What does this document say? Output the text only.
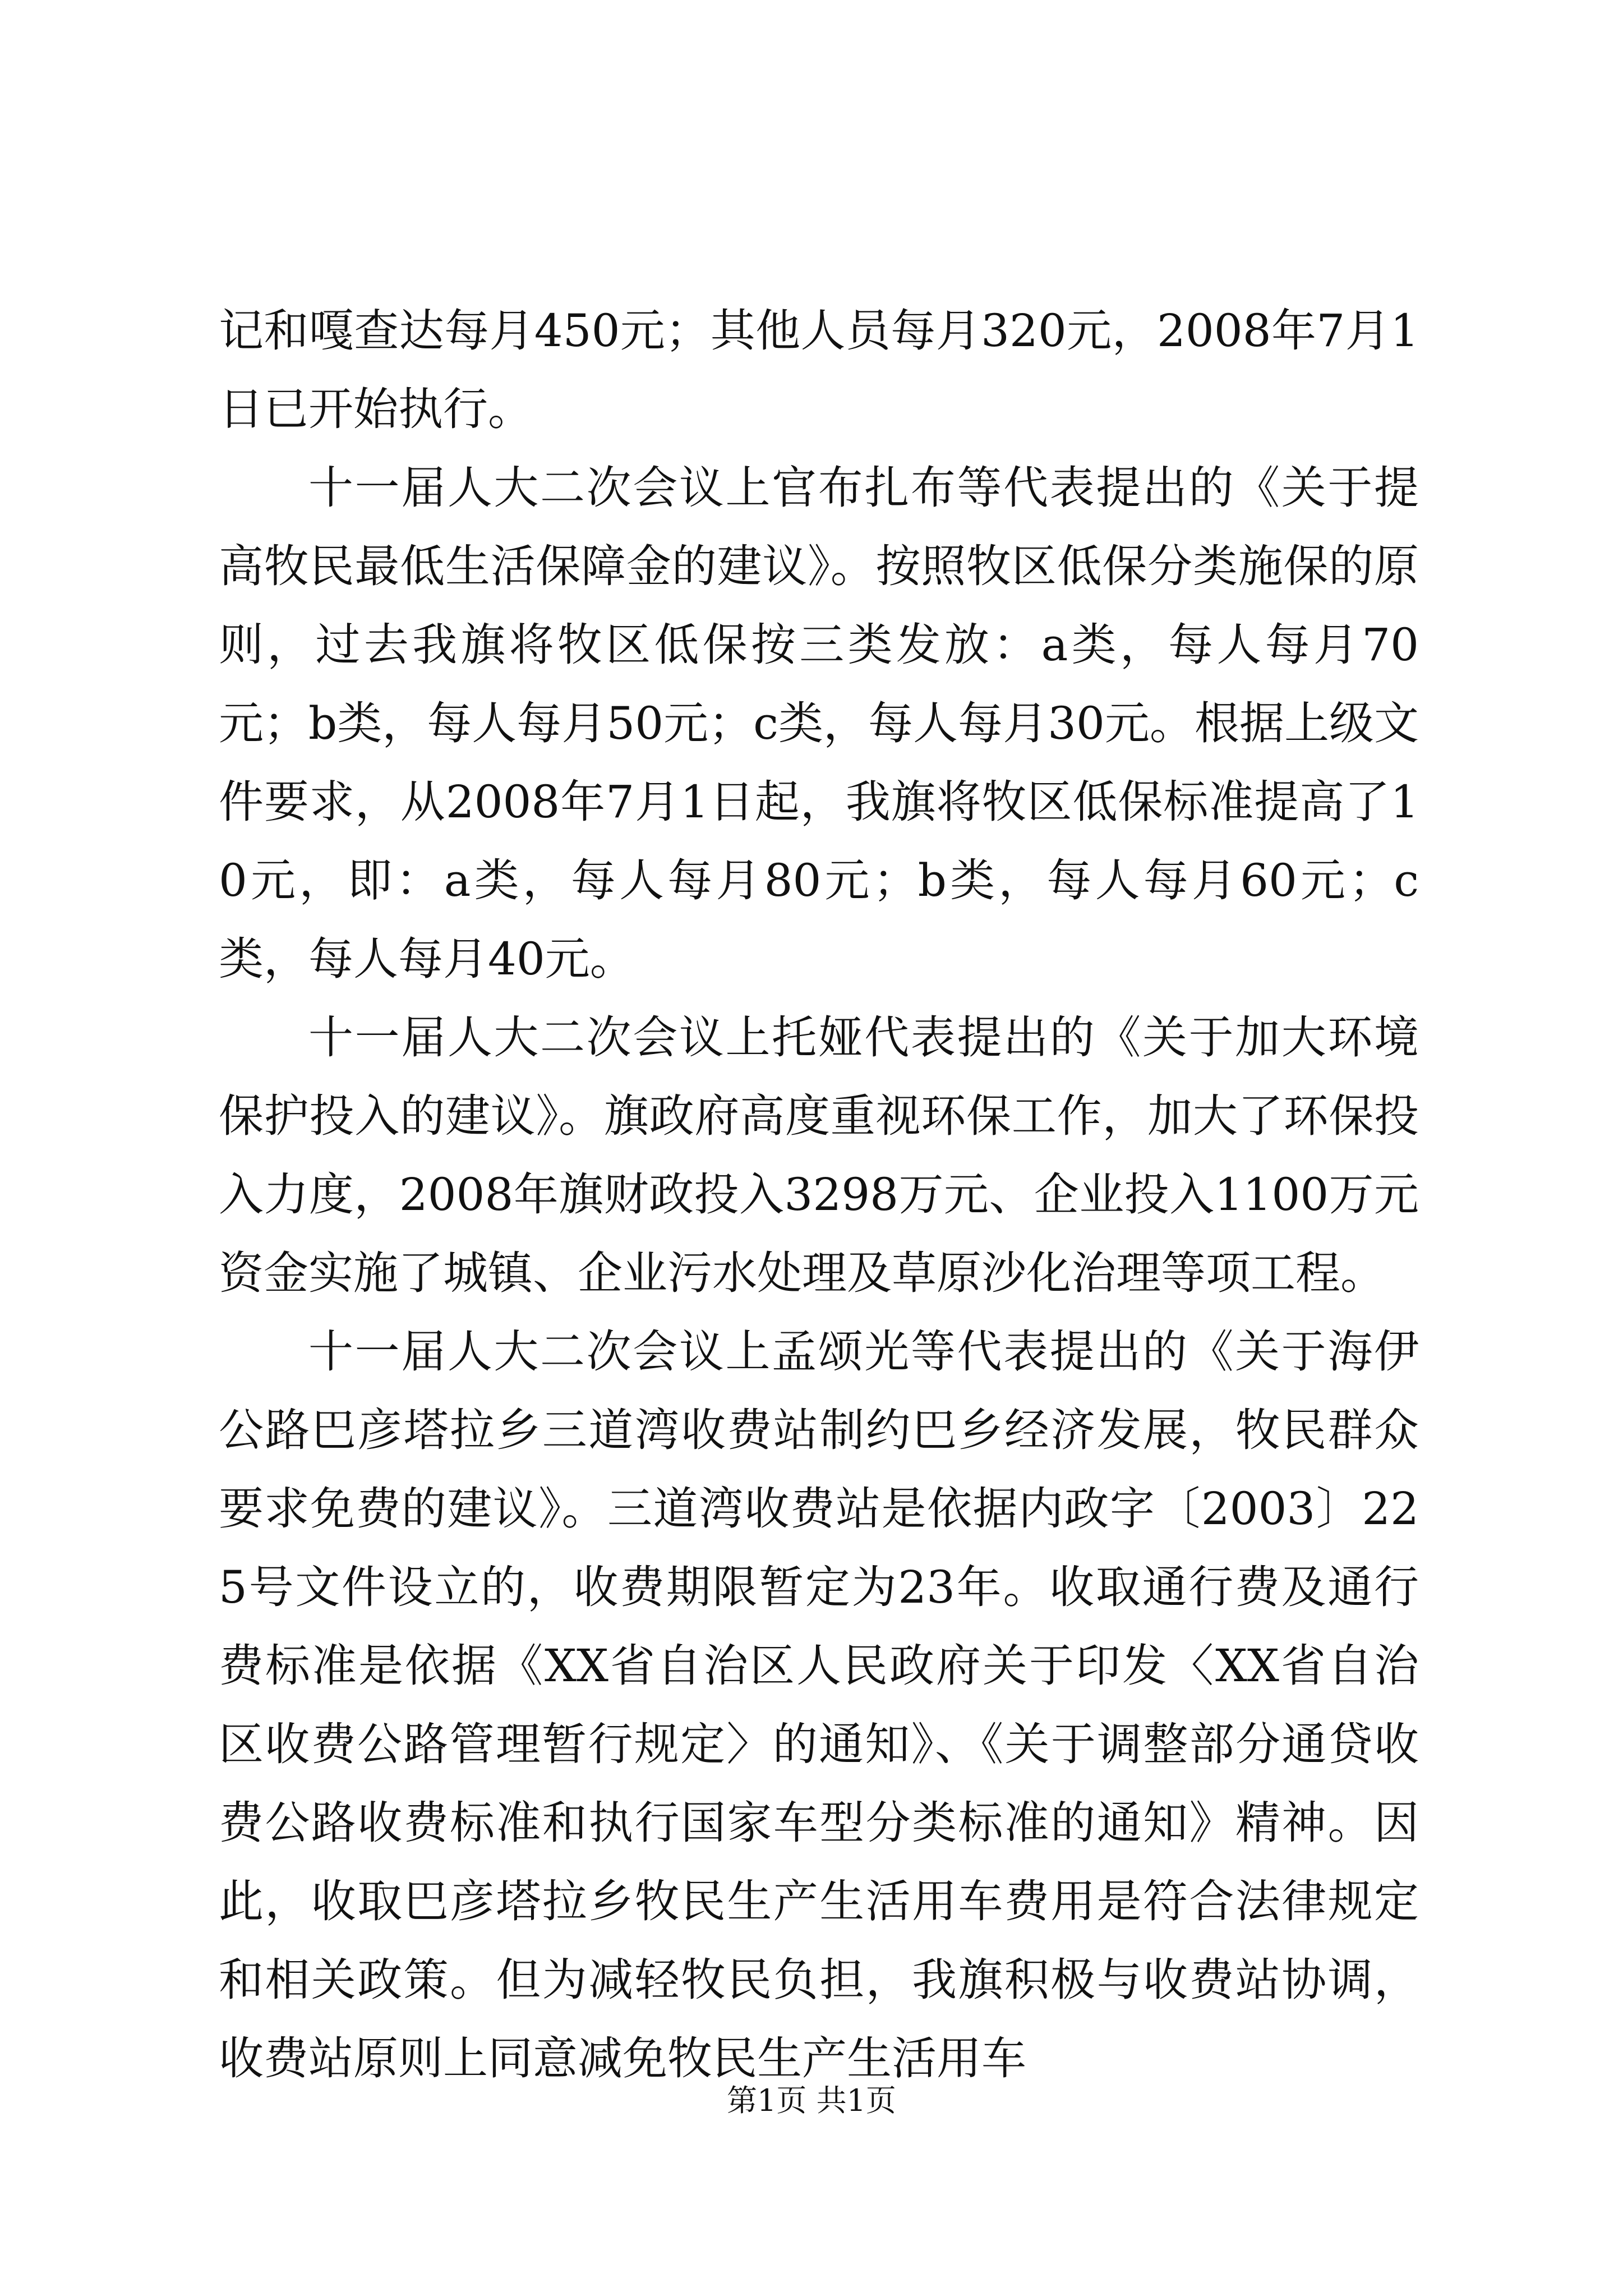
记和嘎查达每月450元；其他人员每月320元，2008年7月1日已开始执行。

十一届人大二次会议上官布扎布等代表提出的《关于提高牧民最低生活保障金的建议》。按照牧区低保分类施保的原则，过去我旗将牧区低保按三类发放：a类，每人每月70元；b类，每人每月50元；c类，每人每月30元。根据上级文件要求，从2008年7月1日起，我旗将牧区低保标准提高了10元，即：a类，每人每月80元；b类，每人每月60元；c类，每人每月40元。

十一届人大二次会议上托娅代表提出的《关于加大环境保护投入的建议》。旗政府高度重视环保工作，加大了环保投入力度，2008年旗财政投入3298万元、企业投入1100万元资金实施了城镇、企业污水处理及草原沙化治理等项工程。

十一届人大二次会议上孟颂光等代表提出的《关于海伊公路巴彦塔拉乡三道湾收费站制约巴乡经济发展，牧民群众要求免费的建议》。三道湾收费站是依据内政字〔2003〕225号文件设立的，收费期限暂定为23年。收取通行费及通行费标准是依据《XX省自治区人民政府关于印发〈XX省自治区收费公路管理暂行规定〉的通知》、《关于调整部分通贷收费公路收费标准和执行国家车型分类标准的通知》精神。因此，收取巴彦塔拉乡牧民生产生活用车费用是符合法律规定和相关政策。但为减轻牧民负担，我旗积极与收费站协调，收费站原则上同意减免牧民生产生活用车

第1页 共1页
